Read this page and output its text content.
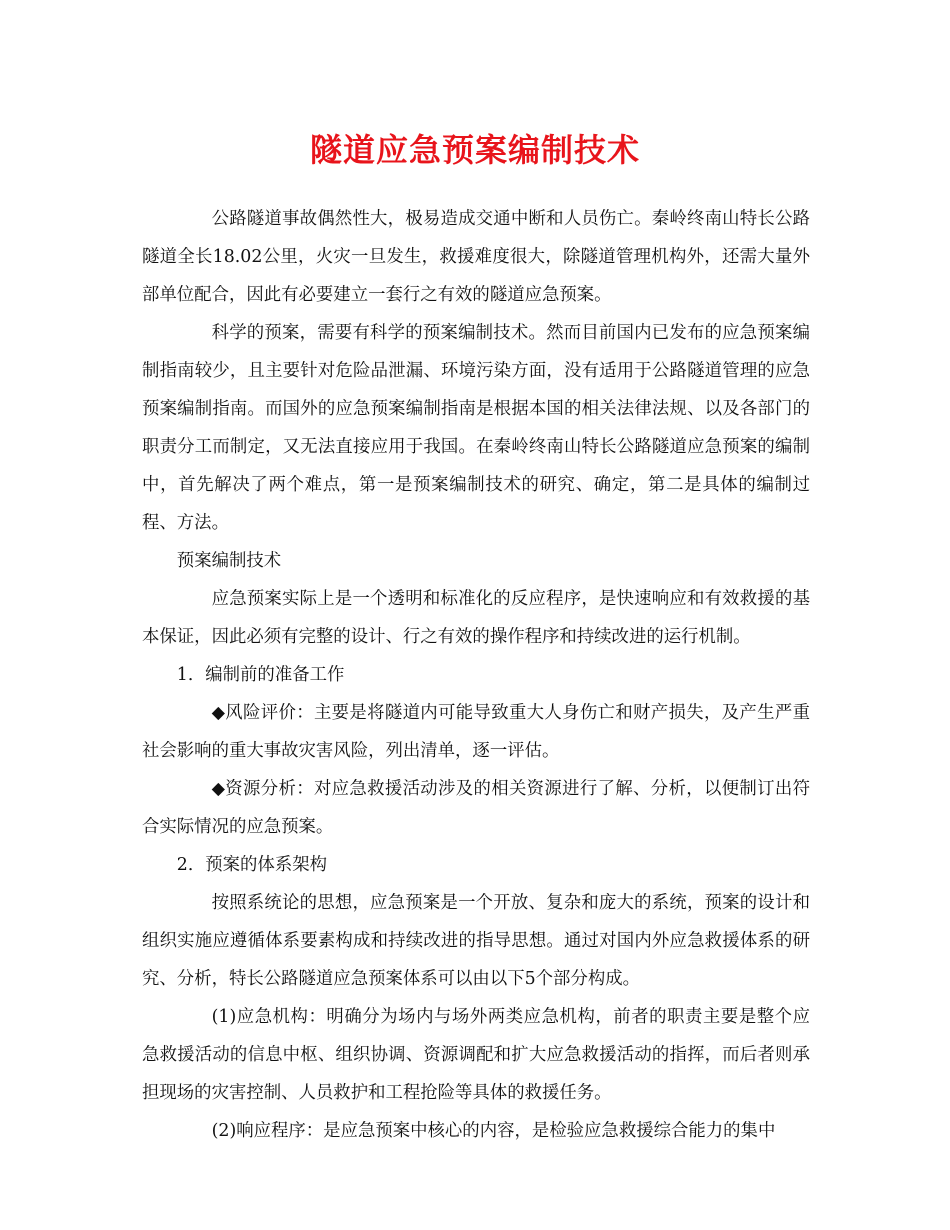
隧道应急预案编制技术

公路隧道事故偶然性大，极易造成交通中断和人员伤亡。秦岭终南山特长公路隧道全长18.02公里，火灾一旦发生，救援难度很大，除隧道管理机构外，还需大量外部单位配合，因此有必要建立一套行之有效的隧道应急预案。

科学的预案，需要有科学的预案编制技术。然而目前国内已发布的应急预案编制指南较少，且主要针对危险品泄漏、环境污染方面，没有适用于公路隧道管理的应急预案编制指南。而国外的应急预案编制指南是根据本国的相关法律法规、以及各部门的职责分工而制定，又无法直接应用于我国。在秦岭终南山特长公路隧道应急预案的编制中，首先解决了两个难点，第一是预案编制技术的研究、确定，第二是具体的编制过程、方法。

预案编制技术

应急预案实际上是一个透明和标准化的反应程序，是快速响应和有效救援的基本保证，因此必须有完整的设计、行之有效的操作程序和持续改进的运行机制。

1．编制前的准备工作

◆风险评价：主要是将隧道内可能导致重大人身伤亡和财产损失，及产生严重社会影响的重大事故灾害风险，列出清单，逐一评估。

◆资源分析：对应急救援活动涉及的相关资源进行了解、分析，以便制订出符合实际情况的应急预案。

2．预案的体系架构

按照系统论的思想，应急预案是一个开放、复杂和庞大的系统，预案的设计和组织实施应遵循体系要素构成和持续改进的指导思想。通过对国内外应急救援体系的研究、分析，特长公路隧道应急预案体系可以由以下5个部分构成。

(1)应急机构：明确分为场内与场外两类应急机构，前者的职责主要是整个应急救援活动的信息中枢、组织协调、资源调配和扩大应急救援活动的指挥，而后者则承担现场的灾害控制、人员救护和工程抢险等具体的救援任务。

(2)响应程序：是应急预案中核心的内容，是检验应急救援综合能力的集中
